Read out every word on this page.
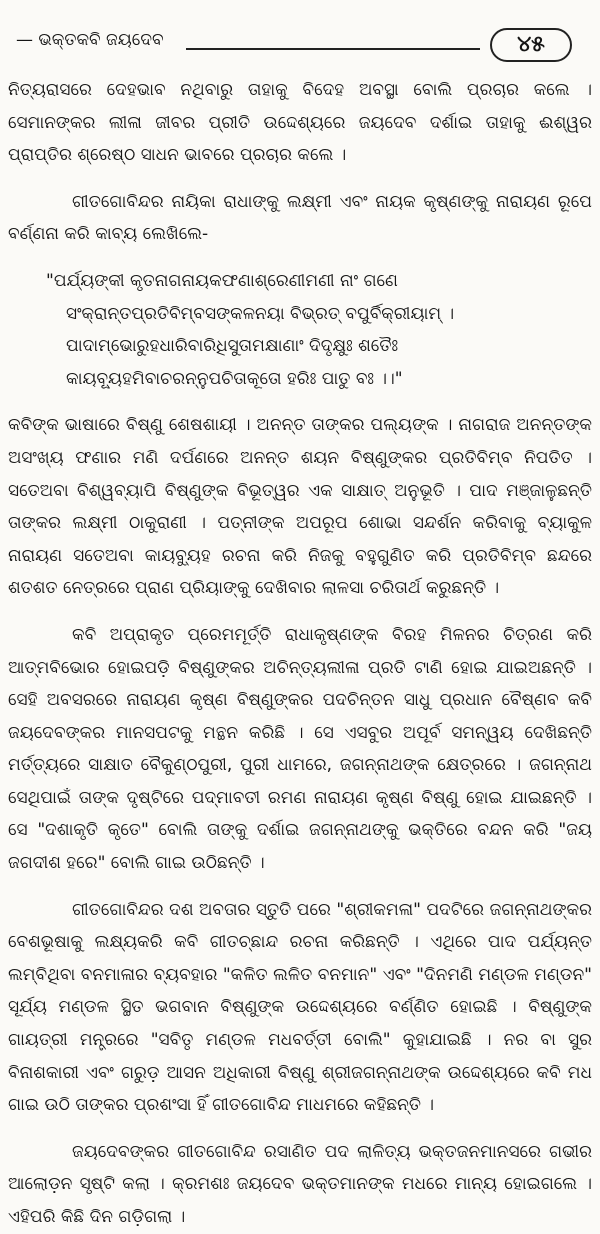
— ଭକ୍ତକବି ଜୟଦେବ	୪୫

ନିତ୍ୟରାସରେ ଦେହଭାବ ନଥିବାରୁ ତାହାକୁ ବିଦେହ ଅବସ୍ଥା ବୋଲି ପ୍ରଚାର କଲେ । ସେମାନଙ୍କର ଲୀଳା ଜୀବର ପ୍ରୀତି ଉଦ୍ଦେଶ୍ୟରେ ଜୟଦେବ ଦର୍ଶାଇ ତାହାକୁ ଈଶ୍ୱର ପ୍ରାପ୍ତିର ଶ୍ରେଷ୍ଠ ସାଧନ ଭାବରେ ପ୍ରଚାର କଲେ ।

ଗୀତଗୋବିନ୍ଦର ନାୟିକା ରାଧାଙ୍କୁ ଲକ୍ଷ୍ମୀ ଏବଂ ନାୟକ କୃଷ୍ଣଙ୍କୁ ନାରାୟଣ ରୂପେ ବର୍ଣ୍ଣନା କରି କାବ୍ୟ ଲେଖିଲେ-

"ପର୍ଯ୍ୟଙ୍କୀ କୃତନାଗନାୟକଫଣାଶ୍ରେଣୀମଣୀ ନାଂ ଗଣେ
ସଂକ୍ରାନ୍ତପ୍ରତିବିମ୍ବସଙ୍କଳନୟା ବିଭ୍ରତ୍ ବପୁର୍ବିକ୍ରୀୟାମ୍ ।
ପାଦାମ୍ଭୋରୁହଧାରିବାରିଧିସୁତାମକ୍ଷାଣାଂ ଦିଦୃକ୍ଷୁଃ ଶତୈଃ
କାୟବ୍ୟୂହମିବାଚରନ୍ନୁପଚିତାକୂତୋ ହରିଃ ପାତୁ ବଃ ।।"

କବିଙ୍କ ଭାଷାରେ ବିଷ୍ଣୁ ଶେଷଶାୟୀ । ଅନନ୍ତ ତାଙ୍କର ପଲ୍ୟଙ୍କ । ନାଗରାଜ ଅନନ୍ତଙ୍କ ଅସଂଖ୍ୟ ଫଣାର ମଣି ଦର୍ପଣରେ ଅନନ୍ତ ଶୟନ ବିଷ୍ଣୁଙ୍କର ପ୍ରତିବିମ୍ବ ନିପତିତ । ସତେଅବା ବିଶ୍ୱବ୍ୟାପି ବିଷ୍ଣୁଙ୍କ ବିଭୂତ୍ୱର ଏକ ସାକ୍ଷାତ୍ ଅନୁଭୂତି । ପାଦ ମଞ୍ଜାଳୁଛନ୍ତି ତାଙ୍କର ଲକ୍ଷ୍ମୀ ଠାକୁରାଣୀ । ପତ୍ନୀଙ୍କ ଅପରୂପ ଶୋଭା ସନ୍ଦର୍ଶନ କରିବାକୁ ବ୍ୟାକୁଳ ନାରାୟଣ ସତେଅବା କାୟବ୍ୟୁହ ରଚନା କରି ନିଜକୁ ବହୁଗୁଣିତ କରି ପ୍ରତିବିମ୍ବ ଛନ୍ଦରେ ଶତଶତ ନେତ୍ରରେ ପ୍ରାଣ ପ୍ରିୟାଙ୍କୁ ଦେଖିବାର ଲାଳସା ଚରିତାର୍ଥ କରୁଛନ୍ତି ।

କବି ଅପ୍ରାକୃତ ପ୍ରେମମୂର୍ତ୍ତି ରାଧାକୃଷ୍ଣଙ୍କ ବିରହ ମିଳନର ଚିତ୍ରଣ କରି ଆତ୍ମବିଭୋର ହୋଇପଡ଼ି ବିଷ୍ଣୁଙ୍କର ଅଚିନ୍ତ୍ୟଲୀଳା ପ୍ରତି ଟାଣି ହୋଇ ଯାଇଅଛନ୍ତି । ସେହି ଅବସରରେ ନାରାୟଣ କୃଷ୍ଣ ବିଷ୍ଣୁଙ୍କର ପଦଚିନ୍ତନ ସାଧୁ ପ୍ରଧାନ ବୈଷ୍ଣବ କବି ଜୟଦେବଙ୍କର ମାନସପଟକୁ ମନ୍ଥନ କରିଛି । ସେ ଏସବୁର ଅପୂର୍ବ ସମନ୍ୱୟ ଦେଖିଛନ୍ତି ମର୍ତ୍ତ୍ୟରେ ସାକ୍ଷାତ ବୈକୁଣ୍ଠପୁରୀ, ପୁରୀ ଧାମରେ, ଜଗନ୍ନାଥଙ୍କ କ୍ଷେତ୍ରରେ । ଜଗନ୍ନାଥ ସେଥିପାଇଁ ତାଙ୍କ ଦୃଷ୍ଟିରେ ପଦ୍ମାବତୀ ରମଣ ନାରାୟଣ କୃଷ୍ଣ ବିଷ୍ଣୁ ହୋଇ ଯାଇଛନ୍ତି । ସେ "ଦଶାକୃତି କୃତେ" ବୋଲି ତାଙ୍କୁ ଦର୍ଶାଇ ଜଗନ୍ନାଥଙ୍କୁ ଭକ୍ତିରେ ବନ୍ଦନ କରି "ଜୟ ଜଗଦୀଶ ହରେ" ବୋଲି ଗାଇ ଉଠିଛନ୍ତି ।

ଗୀତଗୋବିନ୍ଦର ଦଶ ଅବତାର ସ୍ତୁତି ପରେ "ଶ୍ରୀକମଳା" ପଦଟିରେ ଜଗନ୍ନାଥଙ୍କର ବେଶଭୂଷାକୁ ଲକ୍ଷ୍ୟକରି କବି ଗୀତଚ୍ଛାନ୍ଦ ରଚନା କରିଛନ୍ତି । ଏଥିରେ ପାଦ ପର୍ଯ୍ୟନ୍ତ ଲମ୍ବିଥିବା ବନମାଳାର ବ୍ୟବହାର "କଳିତ ଲଳିତ ବନମାନ" ଏବଂ "ଦିନମଣି ମଣ୍ଡଳ ମଣ୍ଡନ" ସୂର୍ଯ୍ୟ ମଣ୍ଡଳ ସ୍ଥିତ ଭଗବାନ ବିଷ୍ଣୁଙ୍କ ଉଦ୍ଦେଶ୍ୟରେ ବର୍ଣ୍ଣିତ ହୋଇଛି । ବିଷ୍ଣୁଙ୍କ ଗାୟତ୍ରୀ ମନ୍ତ୍ରରେ "ସବିତୃ ମଣ୍ଡଳ ମଧବର୍ତ୍ତୀ ବୋଲି" କୁହାଯାଇଛି । ନର ବା ସୁର ବିନାଶକାରୀ ଏବଂ ଗରୁଡ଼ ଆସନ ଅଧିକାରୀ ବିଷ୍ଣୁ ଶ୍ରୀଜଗନ୍ନାଥଙ୍କ ଉଦ୍ଦେଶ୍ୟରେ କବି ମଧ ଗାଇ ଉଠି ତାଙ୍କର ପ୍ରଶଂସା ହିଁ ଗୀତଗୋବିନ୍ଦ ମାଧମରେ କହିଛନ୍ତି ।

ଜୟଦେବଙ୍କର ଗୀତଗୋବିନ୍ଦ ରସାଣିତ ପଦ ଲାଳିତ୍ୟ ଭକ୍ତଜନମାନସରେ ଗଭୀର ଆଲୋଡ଼ନ ସୃଷ୍ଟି କଲା । କ୍ରମଶଃ ଜୟଦେବ ଭକ୍ତମାନଙ୍କ ମଧରେ ମାନ୍ୟ ହୋଇଗଲେ । ଏହିପରି କିଛି ଦିନ ଗଡ଼ିଗଲା ।
